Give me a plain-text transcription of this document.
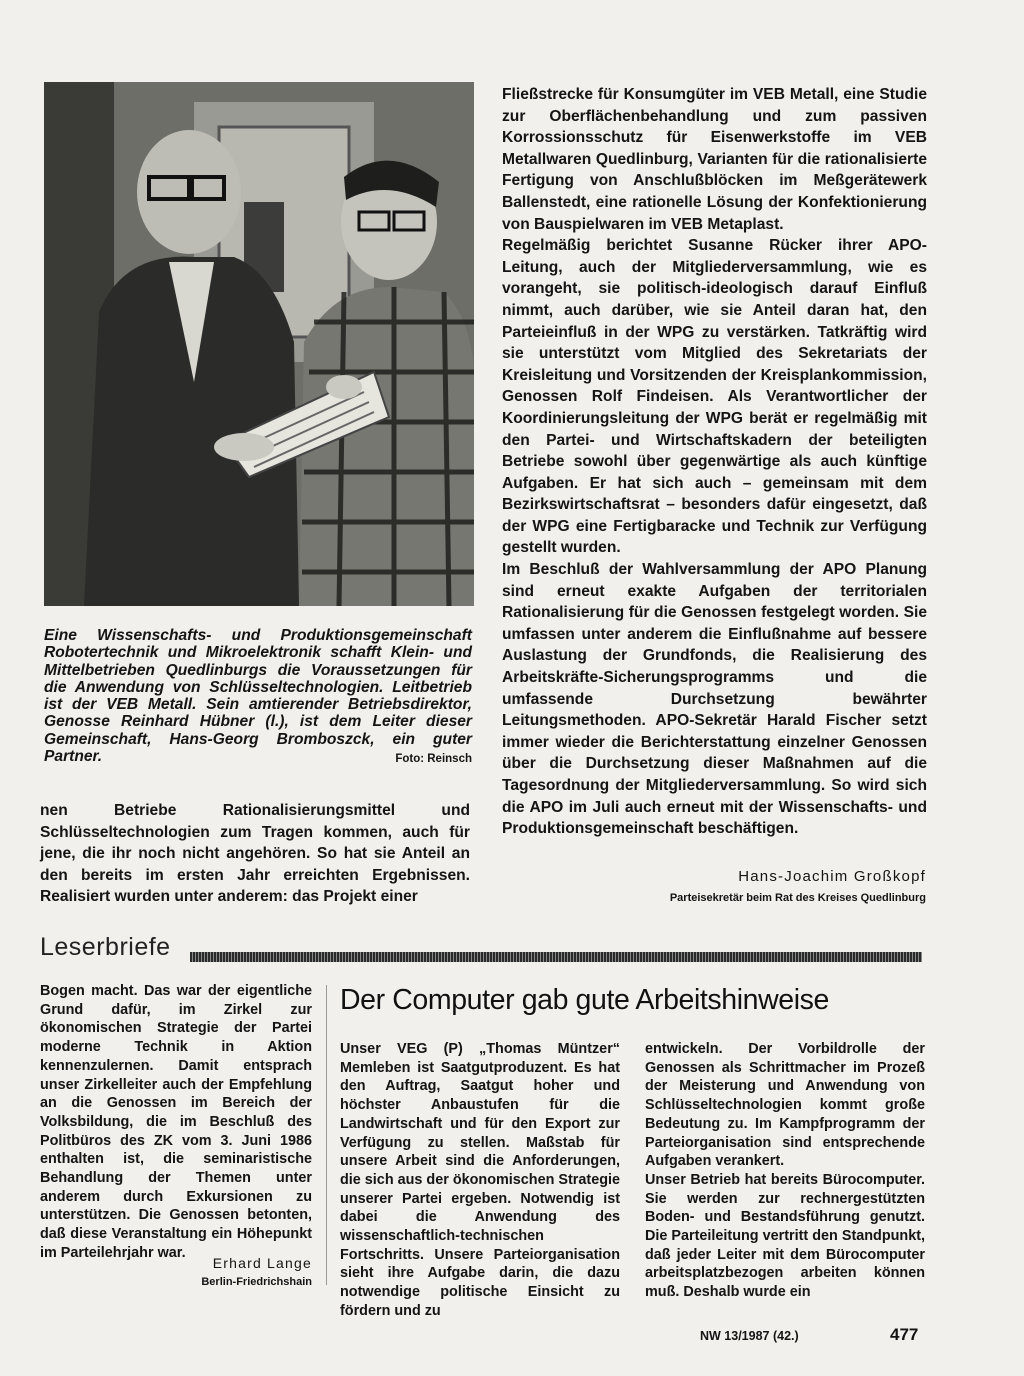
Eine Wissenschafts- und Produktionsgemeinschaft Robotertechnik und Mikroelektronik schafft Klein- und Mittelbetrieben Quedlinburgs die Voraussetzungen für die Anwendung von Schlüsseltechnologien. Leitbetrieb ist der VEB Metall. Sein amtierender Betriebsdirektor, Genosse Reinhard Hübner (l.), ist dem Leiter dieser Gemeinschaft, Hans-Georg Bromboszck, ein guter Partner.	Foto: Reinsch

nen Betriebe Rationalisierungsmittel und Schlüsseltechnologien zum Tragen kommen, auch für jene, die ihr noch nicht angehören. So hat sie Anteil an den bereits im ersten Jahr erreichten Ergebnissen. Realisiert wurden unter anderem: das Projekt einer

Fließstrecke für Konsumgüter im VEB Metall, eine Studie zur Oberflächenbehandlung und zum passiven Korrossionsschutz für Eisenwerkstoffe im VEB Metallwaren Quedlinburg, Varianten für die rationalisierte Fertigung von Anschlußblöcken im Meßgerätewerk Ballenstedt, eine rationelle Lösung der Konfektionierung von Bauspielwaren im VEB Metaplast.

Regelmäßig berichtet Susanne Rücker ihrer APO-Leitung, auch der Mitgliederversammlung, wie es vorangeht, sie politisch-ideologisch darauf Einfluß nimmt, auch darüber, wie sie Anteil daran hat, den Parteieinfluß in der WPG zu verstärken. Tatkräftig wird sie unterstützt vom Mitglied des Sekretariats der Kreisleitung und Vorsitzenden der Kreisplankommission, Genossen Rolf Findeisen. Als Verantwortlicher der Koordinierungsleitung der WPG berät er regelmäßig mit den Partei- und Wirtschaftskadern der beteiligten Betriebe sowohl über gegenwärtige als auch künftige Aufgaben. Er hat sich auch – gemeinsam mit dem Bezirkswirtschaftsrat – besonders dafür eingesetzt, daß der WPG eine Fertigbaracke und Technik zur Verfügung gestellt wurden.

Im Beschluß der Wahlversammlung der APO Planung sind erneut exakte Aufgaben der territorialen Rationalisierung für die Genossen festgelegt worden. Sie umfassen unter anderem die Einflußnahme auf bessere Auslastung der Grundfonds, die Realisierung des Arbeitskräfte-Sicherungsprogramms und die umfassende Durchsetzung bewährter Leitungsmethoden. APO-Sekretär Harald Fischer setzt immer wieder die Berichterstattung einzelner Genossen über die Durchsetzung dieser Maßnahmen auf die Tagesordnung der Mitgliederversammlung. So wird sich die APO im Juli auch erneut mit der Wissenschafts- und Produktionsgemeinschaft beschäftigen.

Hans-Joachim Großkopf
Parteisekretär beim Rat des Kreises Quedlinburg
Leserbriefe

Bogen macht. Das war der eigentliche Grund dafür, im Zirkel zur ökonomischen Strategie der Partei moderne Technik in Aktion kennenzulernen. Damit entsprach unser Zirkelleiter auch der Empfehlung an die Genossen im Bereich der Volksbildung, die im Beschluß des Politbüros des ZK vom 3. Juni 1986 enthalten ist, die seminaristische Behandlung der Themen unter anderem durch Exkursionen zu unterstützen. Die Genossen betonten, daß diese Veranstaltung ein Höhepunkt im Parteilehrjahr war.

Erhard Lange
Berlin-Friedrichshain
Der Computer gab gute Arbeitshinweise

Unser VEG (P) „Thomas Müntzer“ Memleben ist Saatgutproduzent. Es hat den Auftrag, Saatgut hoher und höchster Anbaustufen für die Landwirtschaft und für den Export zur Verfügung zu stellen. Maßstab für unsere Arbeit sind die Anforderungen, die sich aus der ökonomischen Strategie unserer Partei ergeben. Notwendig ist dabei die Anwendung des wissenschaftlich-technischen Fortschritts. Unsere Parteiorganisation sieht ihre Aufgabe darin, die dazu notwendige politische Einsicht zu fördern und zu

entwickeln. Der Vorbildrolle der Genossen als Schrittmacher im Prozeß der Meisterung und Anwendung von Schlüsseltechnologien kommt große Bedeutung zu. Im Kampfprogramm der Parteiorganisation sind entsprechende Aufgaben verankert.

Unser Betrieb hat bereits Bürocomputer. Sie werden zur rechnergestützten Boden- und Bestandsführung genutzt. Die Parteileitung vertritt den Standpunkt, daß jeder Leiter mit dem Bürocomputer arbeitsplatzbezogen arbeiten können muß. Deshalb wurde ein

NW 13/1987 (42.)	477
